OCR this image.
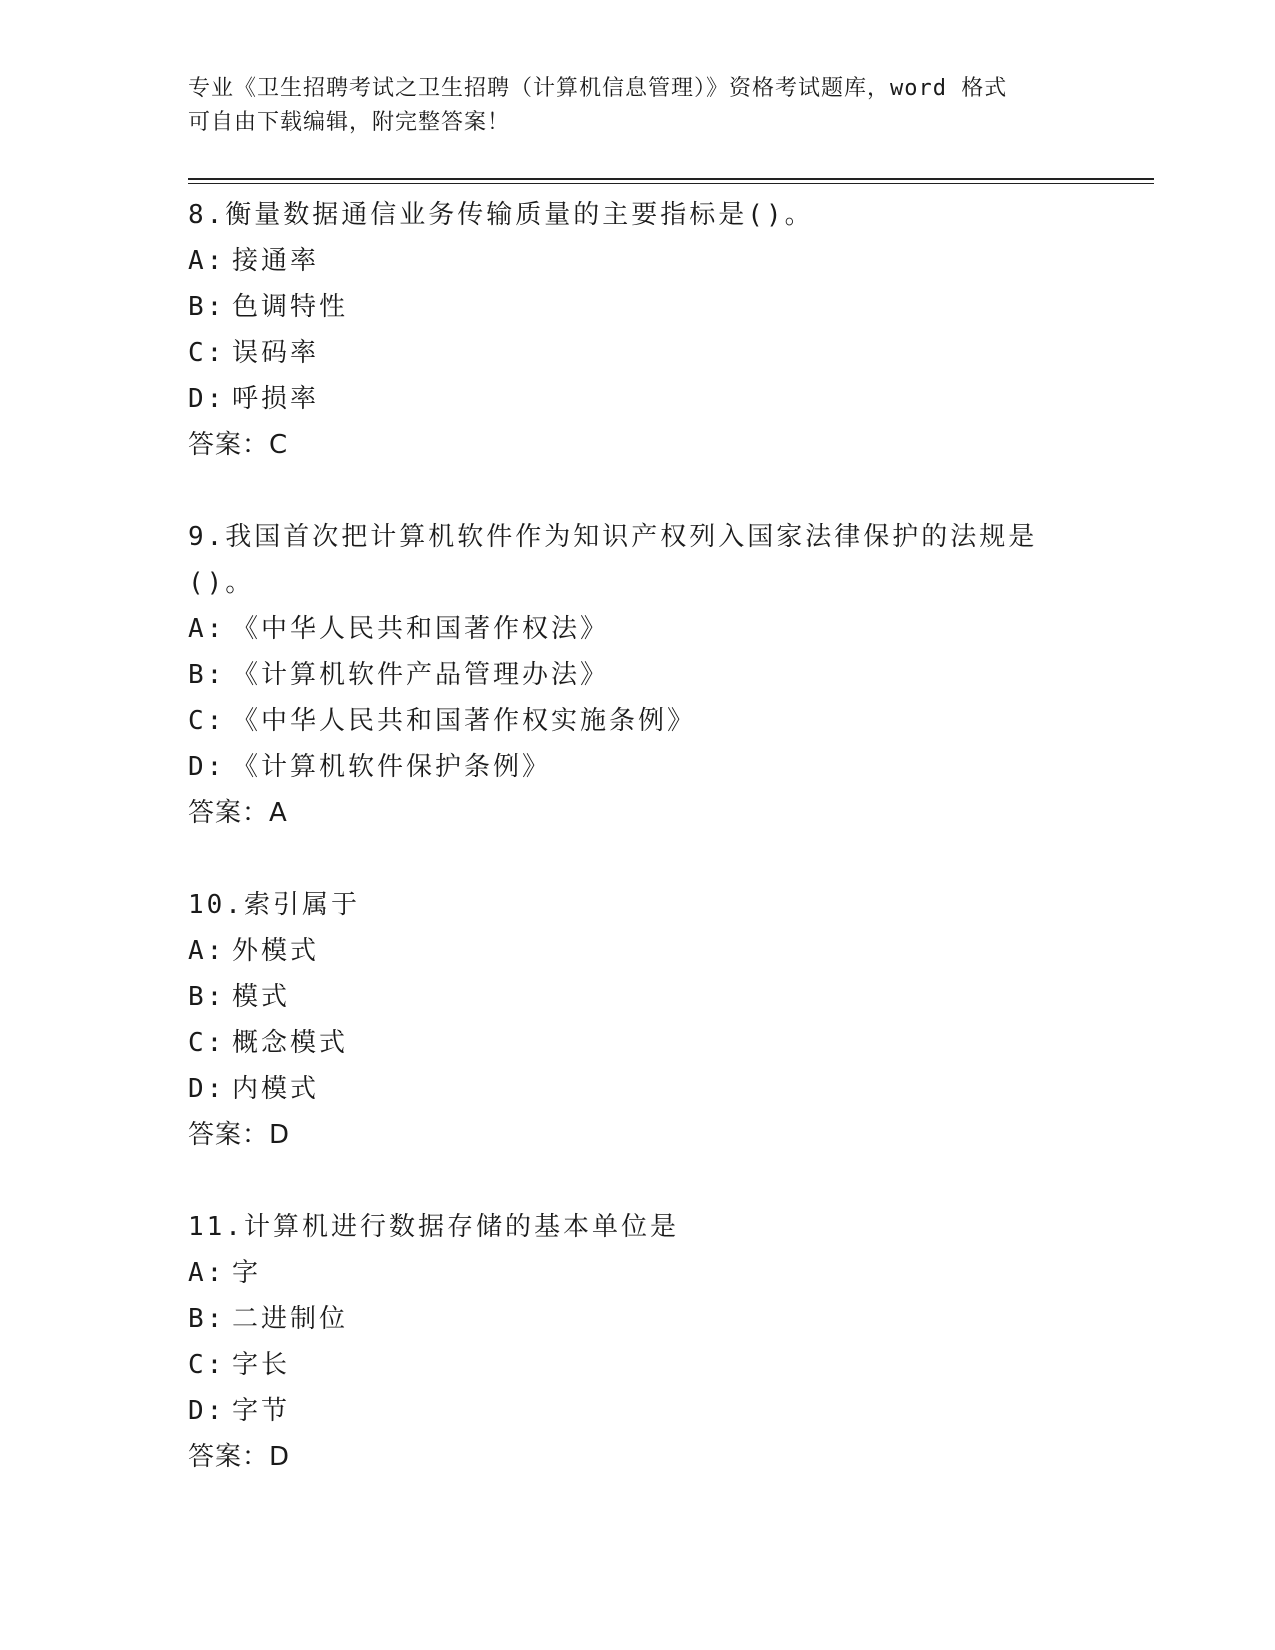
专业《卫生招聘考试之卫生招聘（计算机信息管理）》资格考试题库，word 格式
可自由下载编辑，附完整答案！
8.衡量数据通信业务传输质量的主要指标是()。
A: 接通率
B: 色调特性
C: 误码率
D: 呼损率
答案：C
9.我国首次把计算机软件作为知识产权列入国家法律保护的法规是()。
A: 《中华人民共和国著作权法》
B: 《计算机软件产品管理办法》
C: 《中华人民共和国著作权实施条例》
D: 《计算机软件保护条例》
答案：A
10.索引属于
A: 外模式
B: 模式
C: 概念模式
D: 内模式
答案：D
11.计算机进行数据存储的基本单位是
A: 字
B: 二进制位
C: 字长
D: 字节
答案：D
